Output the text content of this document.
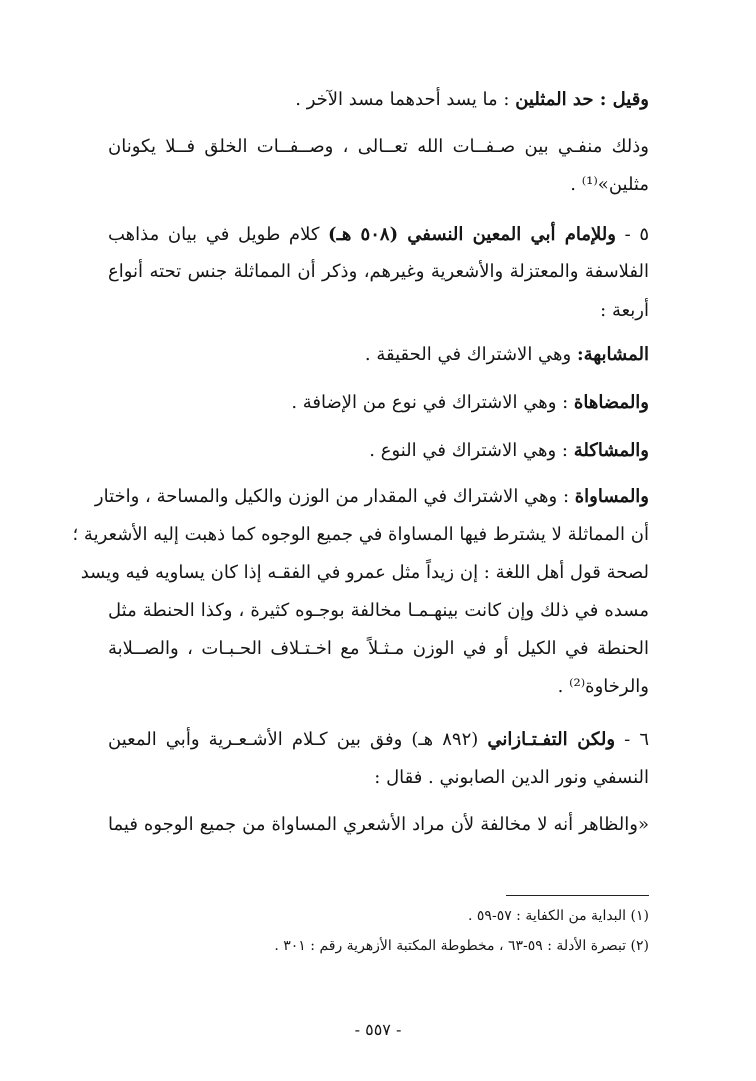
وقيل : حد المثلين : ما يسد أحدهما مسد الآخر .
وذلك منفـي بين صـفــات الله تعــالى ، وصــفــات الخلق فــلا يكونان
مثلين»⁽¹⁾ .
٥ - وللإمام أبي المعين النسفي (٥٠٨ هـ) كلام طويل في بيان مذاهب
الفلاسفة والمعتزلة والأشعرية وغيرهم، وذكر أن المماثلة جنس تحته أنواع
أربعة :
المشابهة: وهي الاشتراك في الحقيقة .
والمضاهاة : وهي الاشتراك في نوع من الإضافة .
والمشاكلة : وهي الاشتراك في النوع .
والمساواة : وهي الاشتراك في المقدار من الوزن والكيل والمساحة ، واختار
أن المماثلة لا يشترط فيها المساواة في جميع الوجوه كما ذهبت إليه الأشعرية ؛
لصحة قول أهل اللغة : إن زيداً مثل عمرو في الفقـه إذا كان يساويه فيه ويسد
مسده في ذلك وإن كانت بينهـمـا مخالفة بوجـوه كثيرة ، وكذا الحنطة مثل
الحنطة في الكيل أو في الوزن مـثـلاً مع اخـتـلاف الحـبـات ، والصــلابة
والرخاوة⁽²⁾ .
٦ - ولكن التفـتـازاني (٨٩٢ هـ) وفق بين كـلام الأشـعـرية وأبي المعين
النسفي ونور الدين الصابوني . فقال :
«والظاهر أنه لا مخالفة لأن مراد الأشعري المساواة من جميع الوجوه فيما
(١) البداية من الكفاية : ٥٧-٥٩ .
(٢) تبصرة الأدلة : ٥٩-٦٣ ، مخطوطة المكتبة الأزهرية رقم : ٣٠١ .
- ٥٥٧ -
